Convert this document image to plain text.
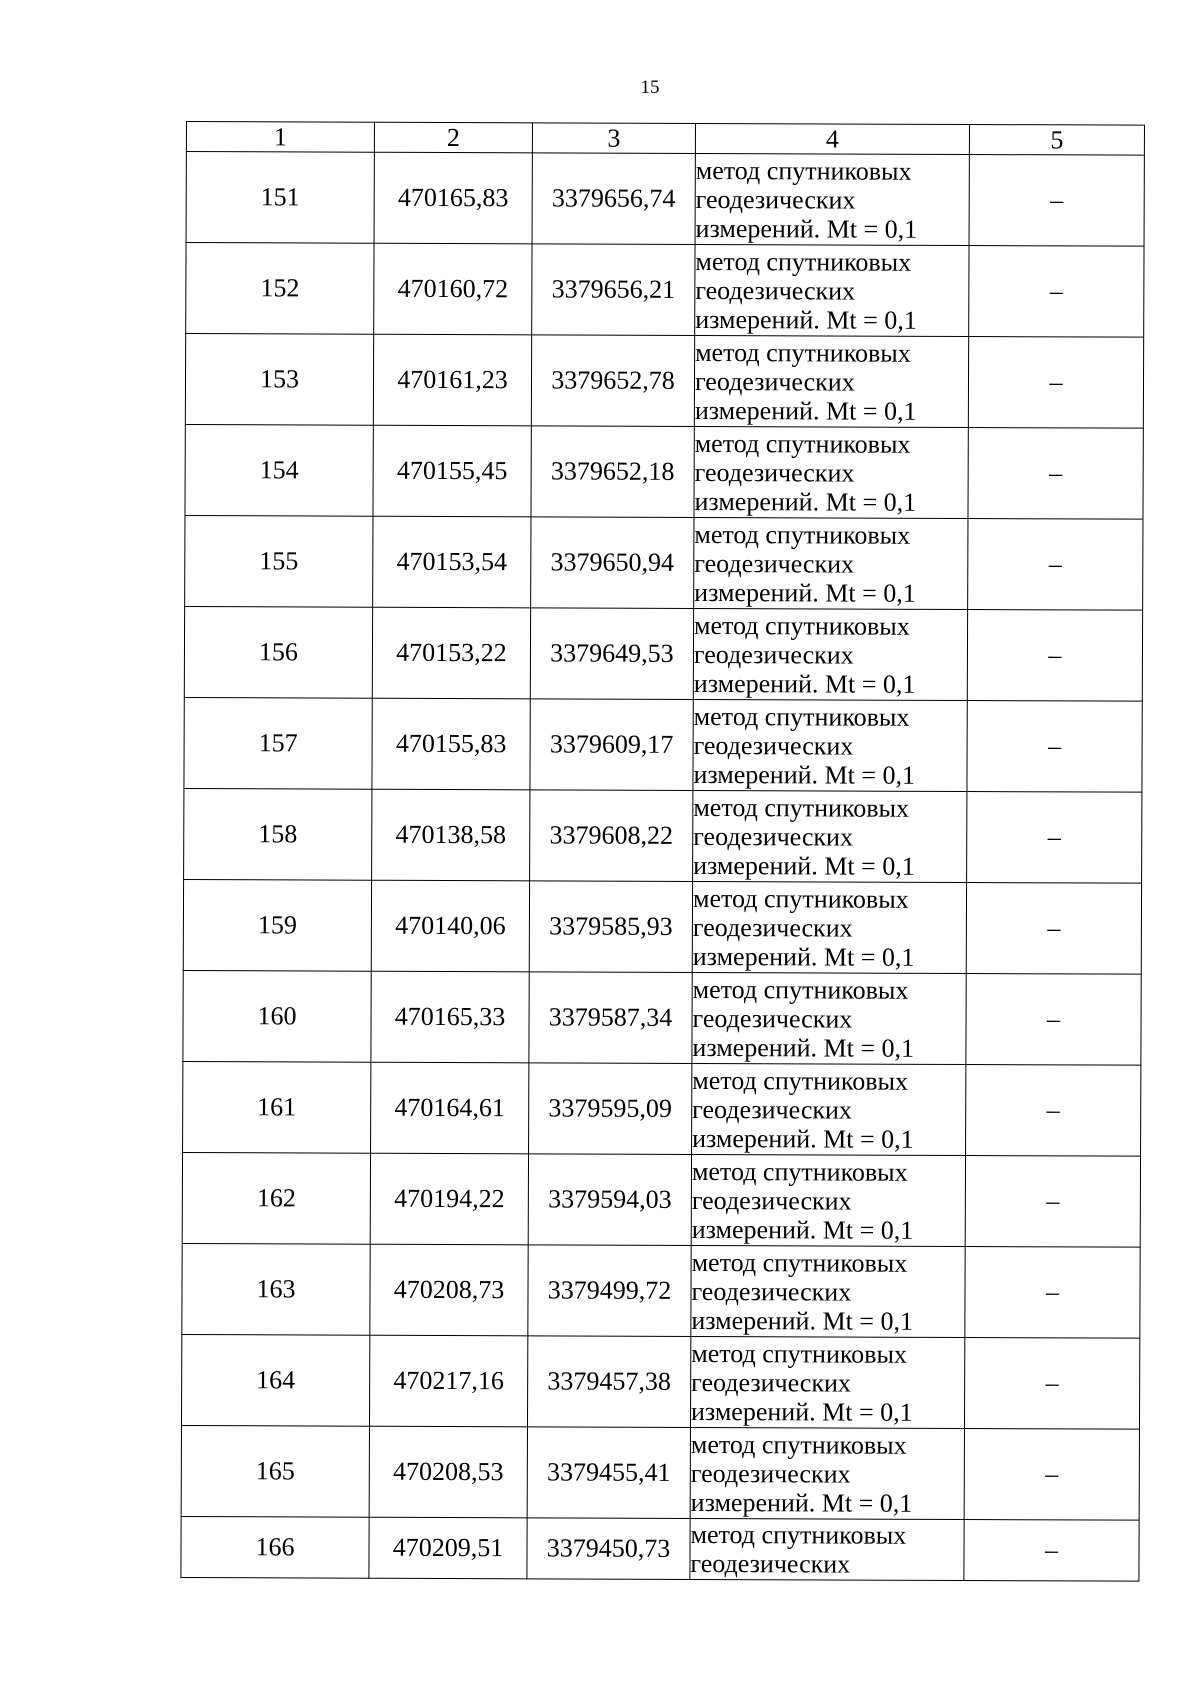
15
1	2	3	4	5
151	470165,83	3379656,74	метод спутниковых
геодезических
измерений. Mt = 0,1	–
152	470160,72	3379656,21	метод спутниковых
геодезических
измерений. Mt = 0,1	–
153	470161,23	3379652,78	метод спутниковых
геодезических
измерений. Mt = 0,1	–
154	470155,45	3379652,18	метод спутниковых
геодезических
измерений. Mt = 0,1	–
155	470153,54	3379650,94	метод спутниковых
геодезических
измерений. Mt = 0,1	–
156	470153,22	3379649,53	метод спутниковых
геодезических
измерений. Mt = 0,1	–
157	470155,83	3379609,17	метод спутниковых
геодезических
измерений. Mt = 0,1	–
158	470138,58	3379608,22	метод спутниковых
геодезических
измерений. Mt = 0,1	–
159	470140,06	3379585,93	метод спутниковых
геодезических
измерений. Mt = 0,1	–
160	470165,33	3379587,34	метод спутниковых
геодезических
измерений. Mt = 0,1	–
161	470164,61	3379595,09	метод спутниковых
геодезических
измерений. Mt = 0,1	–
162	470194,22	3379594,03	метод спутниковых
геодезических
измерений. Mt = 0,1	–
163	470208,73	3379499,72	метод спутниковых
геодезических
измерений. Mt = 0,1	–
164	470217,16	3379457,38	метод спутниковых
геодезических
измерений. Mt = 0,1	–
165	470208,53	3379455,41	метод спутниковых
геодезических
измерений. Mt = 0,1	–
166	470209,51	3379450,73	метод спутниковых
геодезических	–
